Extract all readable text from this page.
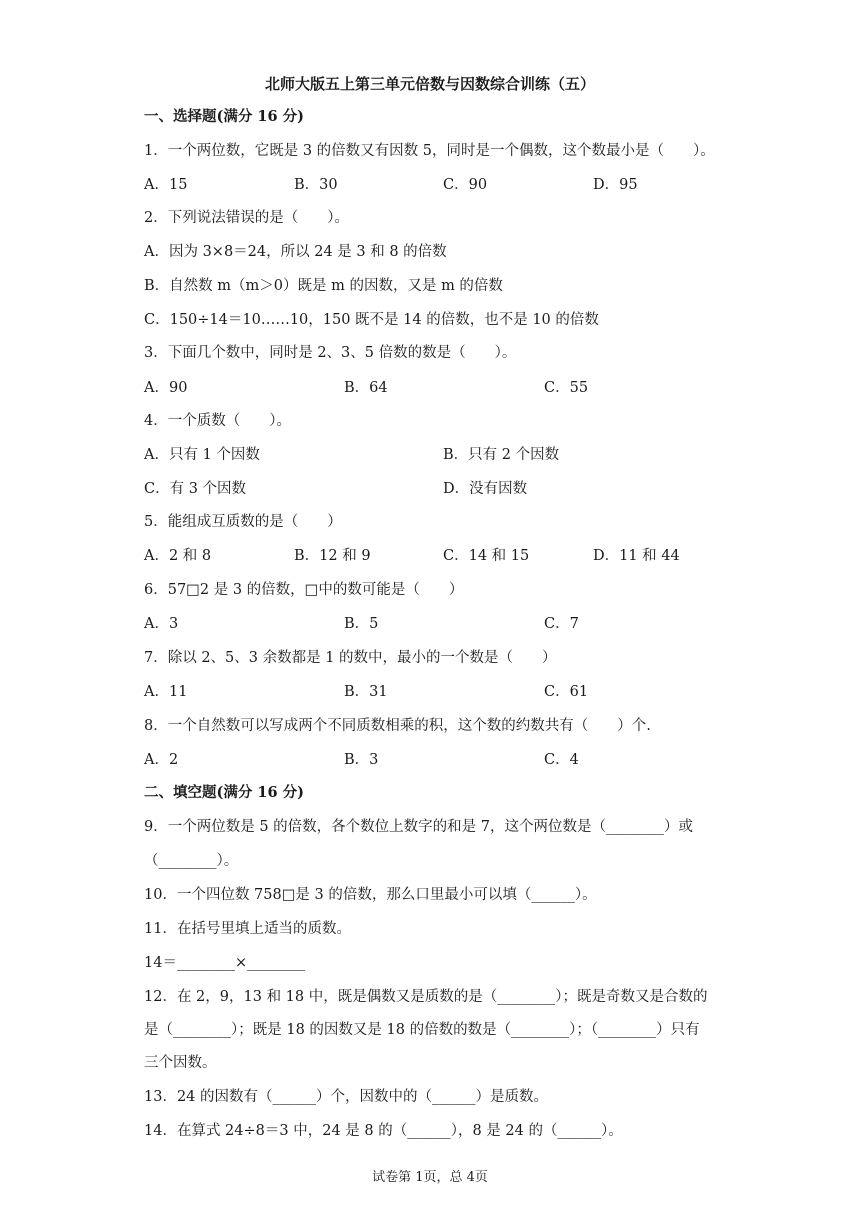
北师大版五上第三单元倍数与因数综合训练（五）
一、选择题(满分 16 分)
1．一个两位数，它既是 3 的倍数又有因数 5，同时是一个偶数，这个数最小是（　　）。
A．15	B．30	C．90	D．95
2．下列说法错误的是（　　）。
A．因为 3×8＝24，所以 24 是 3 和 8 的倍数
B．自然数 m（m＞0）既是 m 的因数，又是 m 的倍数
C．150÷14＝10……10，150 既不是 14 的倍数，也不是 10 的倍数
3．下面几个数中，同时是 2、3、5 倍数的数是（　　）。
A．90	B．64	C．55
4．一个质数（　　）。
A．只有 1 个因数	B．只有 2 个因数
C．有 3 个因数	D．没有因数
5．能组成互质数的是（　　）
A．2 和 8	B．12 和 9	C．14 和 15	D．11 和 44
6．57□2 是 3 的倍数，□中的数可能是（　　）
A．3	B．5	C．7
7．除以 2、5、3 余数都是 1 的数中，最小的一个数是（　　）
A．11	B．31	C．61
8．一个自然数可以写成两个不同质数相乘的积，这个数的约数共有（　　）个.
A．2	B．3	C．4
二、填空题(满分 16 分)
9．一个两位数是 5 的倍数，各个数位上数字的和是 7，这个两位数是（________）或
（________）。
10．一个四位数 758□是 3 的倍数，那么口里最小可以填（______）。
11．在括号里填上适当的质数。
14＝________×________
12．在 2，9，13 和 18 中，既是偶数又是质数的是（________）；既是奇数又是合数的
是（________）；既是 18 的因数又是 18 的倍数的数是（________）；（________）只有
三个因数。
13．24 的因数有（______）个，因数中的（______）是质数。
14．在算式 24÷8＝3 中，24 是 8 的（______），8 是 24 的（______）。
试卷第 1页，总 4页
